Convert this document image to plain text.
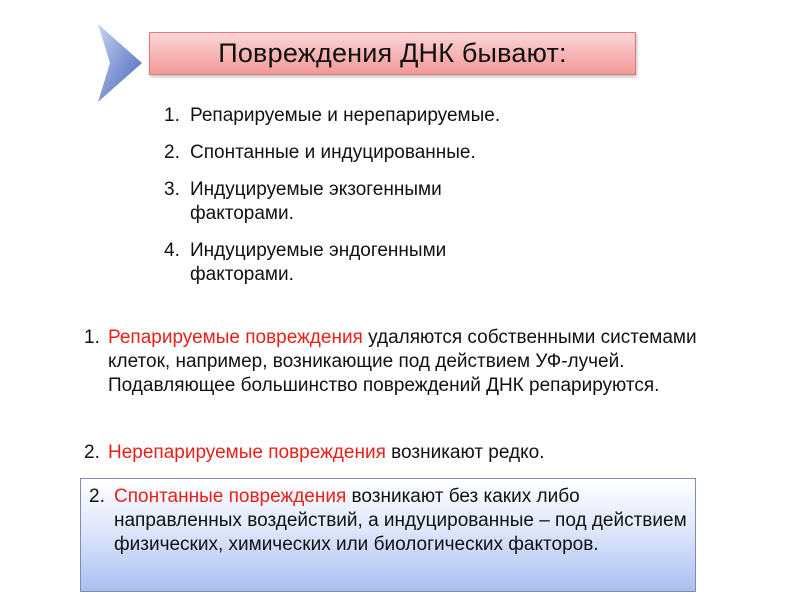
Повреждения ДНК бывают:
1. Репарируемые и нерепарируемые.
2. Спонтанные и индуцированные.
3. Индуцируемые экзогенными факторами.
4. Индуцируемые эндогенными факторами.
1. Репарируемые повреждения удаляются собственными системами клеток, например, возникающие под действием УФ-лучей. Подавляющее большинство повреждений ДНК репарируются.
2. Нерепарируемые повреждения возникают редко.
2. Спонтанные повреждения возникают без каких либо направленных воздействий, а индуцированные – под действием физических, химических или биологических факторов.
